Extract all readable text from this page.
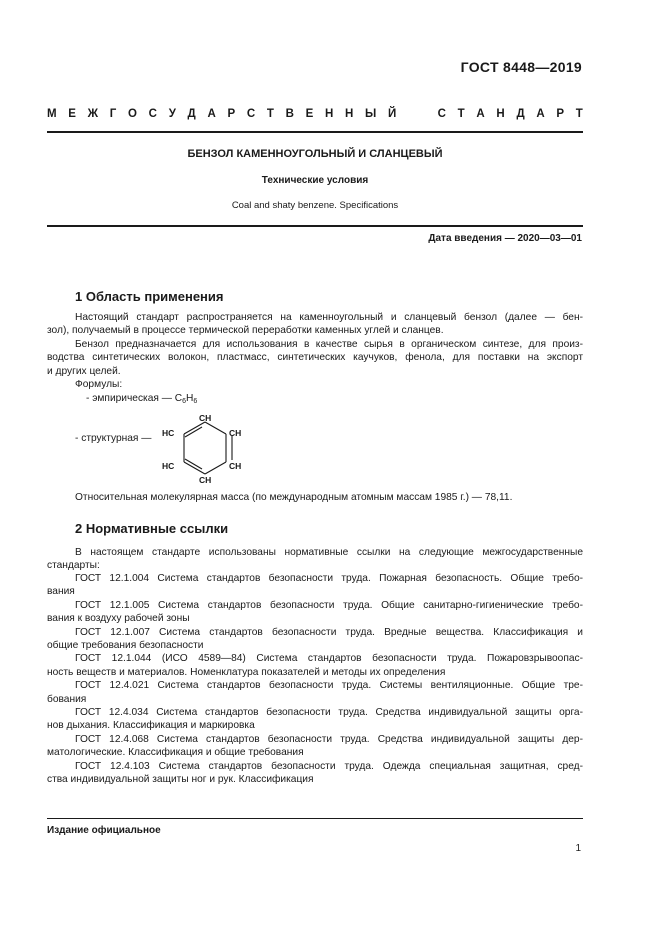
ГОСТ 8448—2019
М Е Ж Г О С У Д А Р С Т В Е Н Н Ы Й	С Т А Н Д А Р Т
БЕНЗОЛ КАМЕННОУГОЛЬНЫЙ И СЛАНЦЕВЫЙ
Технические условия
Coal and shaty benzene. Specifications
Дата введения — 2020—03—01
1 Область применения
Настоящий стандарт распространяется на каменноугольный и сланцевый бензол (далее — бен-
зол), получаемый в процессе термической переработки каменных углей и сланцев.
Бензол предназначается для использования в качестве сырья в органическом синтезе, для произ-
водства синтетических волокон, пластмасс, синтетических каучуков, фенола, для поставки на экспорт
и других целей.
Формулы:
- эмпирическая — $C_6H_6$
- структурная —
CH
HC	CH
HC	CH
CH
Относительная молекулярная масса (по международным атомным массам 1985 г.) — 78,11.
2 Нормативные ссылки
В настоящем стандарте использованы нормативные ссылки на следующие межгосударственные
стандарты:
ГОСТ 12.1.004 Система стандартов безопасности труда. Пожарная безопасность. Общие требо-
вания
ГОСТ 12.1.005 Система стандартов безопасности труда. Общие санитарно-гигиенические требо-
вания к воздуху рабочей зоны
ГОСТ 12.1.007 Система стандартов безопасности труда. Вредные вещества. Классификация и
общие требования безопасности
ГОСТ 12.1.044 (ИСО 4589—84) Система стандартов безопасности труда. Пожаровзрывоопас-
ность веществ и материалов. Номенклатура показателей и методы их определения
ГОСТ 12.4.021 Система стандартов безопасности труда. Системы вентиляционные. Общие тре-
бования
ГОСТ 12.4.034 Система стандартов безопасности труда. Средства индивидуальной защиты орга-
нов дыхания. Классификация и маркировка
ГОСТ 12.4.068 Система стандартов безопасности труда. Средства индивидуальной защиты дер-
матологические. Классификация и общие требования
ГОСТ 12.4.103 Система стандартов безопасности труда. Одежда специальная защитная, сред-
ства индивидуальной защиты ног и рук. Классификация
Издание официальное
1
